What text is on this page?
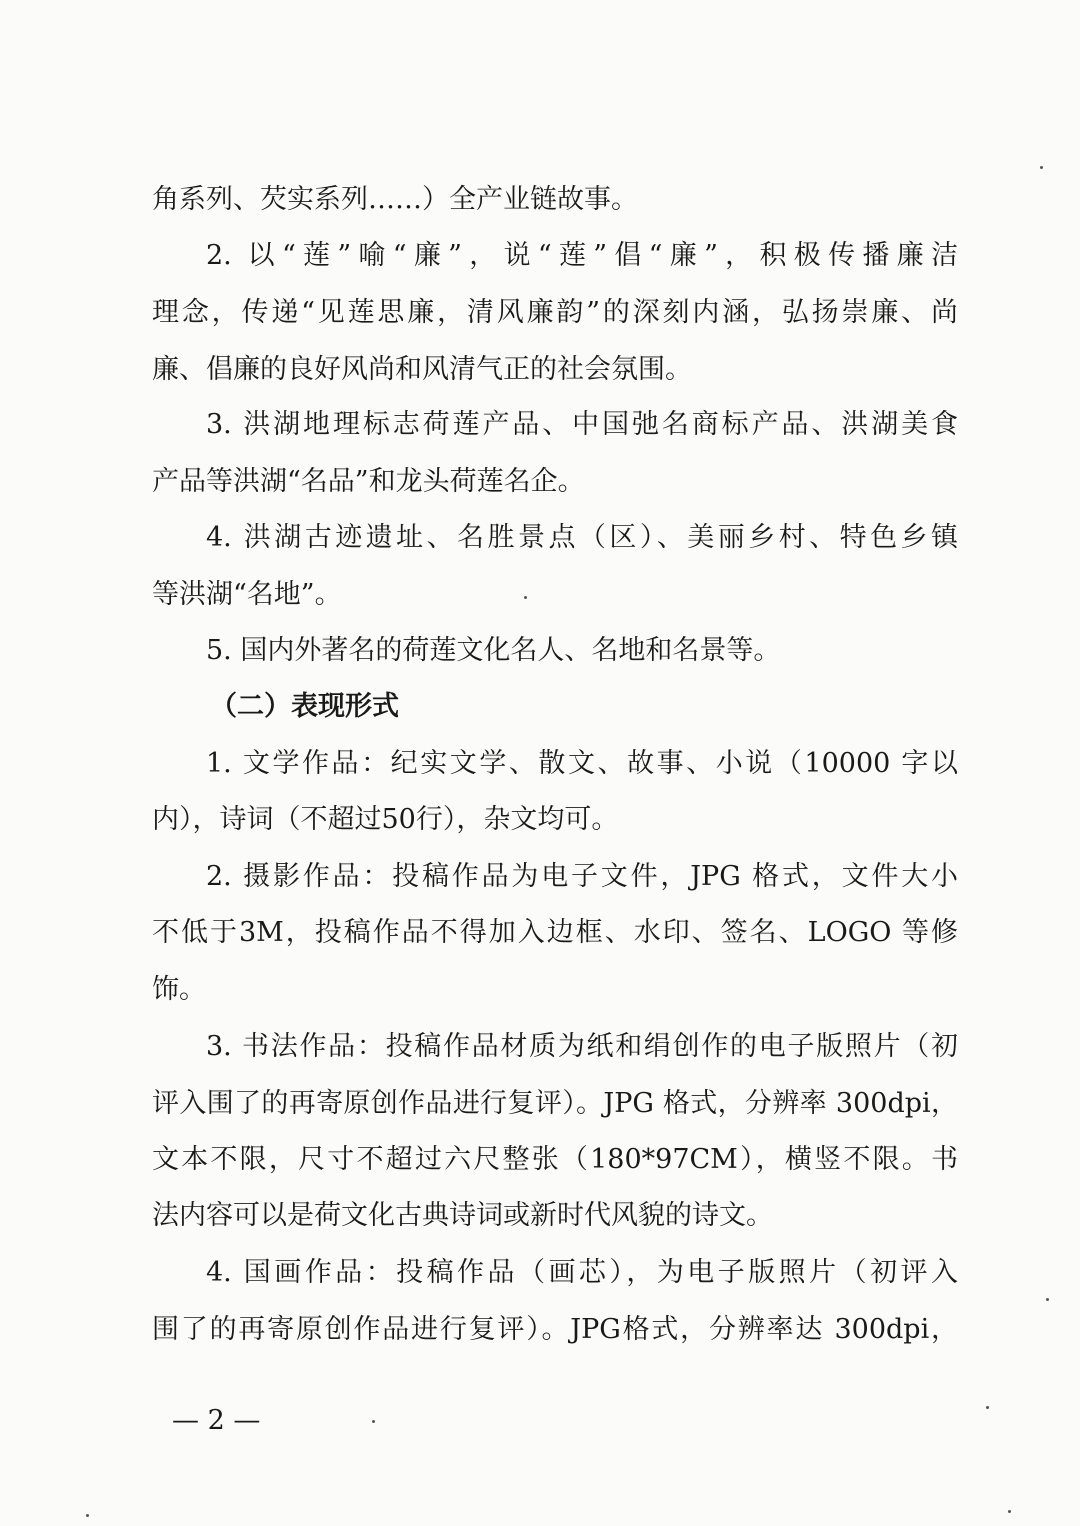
角系列、芡实系列……）全产业链故事。
2. 以“莲”喻“廉”，说“莲”倡“廉”，积极传播廉洁
理念，传递“见莲思廉，清风廉韵”的深刻内涵，弘扬崇廉、尚
廉、倡廉的良好风尚和风清气正的社会氛围。
3. 洪湖地理标志荷莲产品、中国弛名商标产品、洪湖美食
产品等洪湖“名品”和龙头荷莲名企。
4. 洪湖古迹遗址、名胜景点（区）、美丽乡村、特色乡镇
等洪湖“名地”。
5. 国内外著名的荷莲文化名人、名地和名景等。
（二）表现形式
1. 文学作品：纪实文学、散文、故事、小说（10000 字以
内），诗词（不超过50行），杂文均可。
2. 摄影作品：投稿作品为电子文件，JPG 格式，文件大小
不低于3M，投稿作品不得加入边框、水印、签名、LOGO 等修
饰。
3. 书法作品：投稿作品材质为纸和绢创作的电子版照片（初
评入围了的再寄原创作品进行复评）。JPG 格式，分辨率 300dpi，
文本不限，尺寸不超过六尺整张（180*97CM），横竖不限。书
法内容可以是荷文化古典诗词或新时代风貌的诗文。
4. 国画作品：投稿作品（画芯），为电子版照片（初评入
围了的再寄原创作品进行复评）。JPG格式，分辨率达 300dpi，
— 2 —
